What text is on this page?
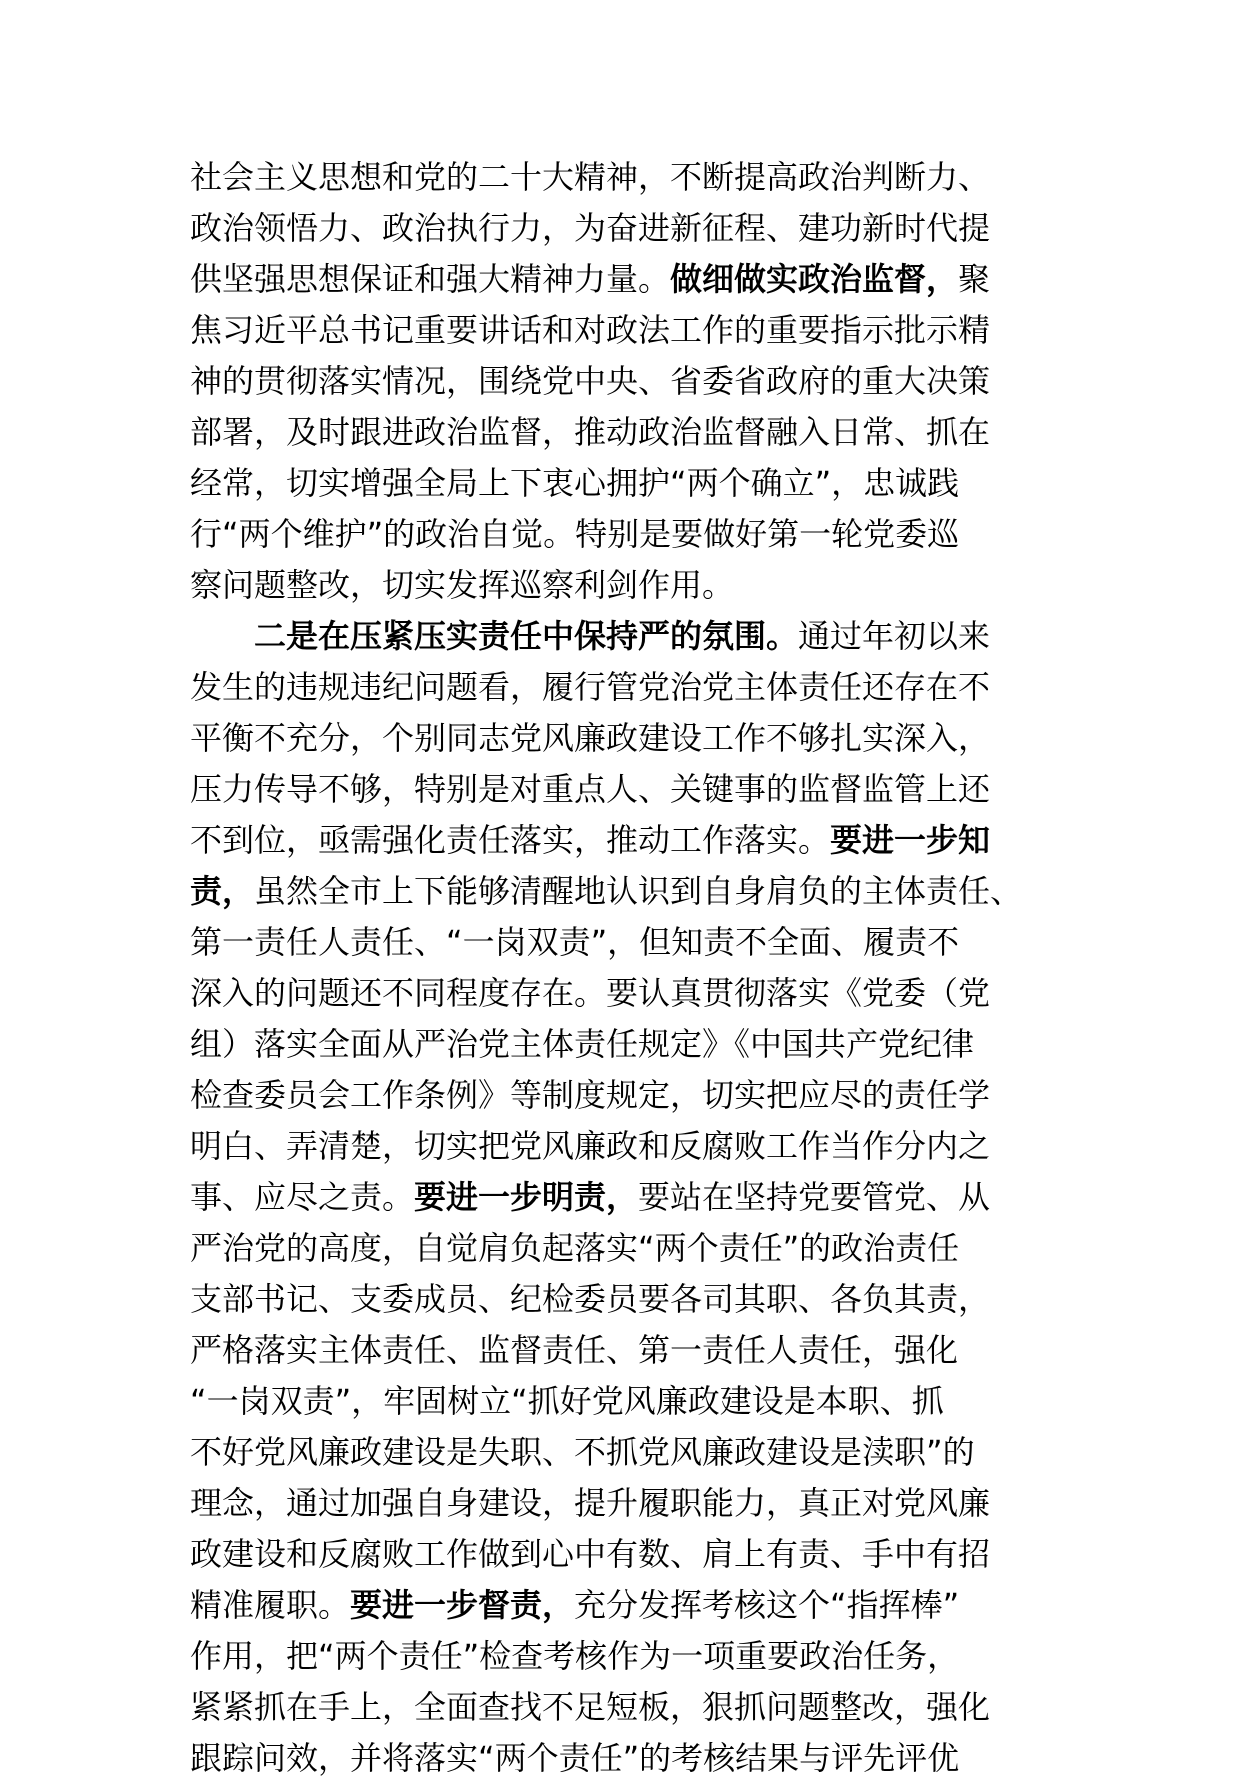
社会主义思想和党的二十大精神，不断提高政治判断力、
政治领悟力、政治执行力，为奋进新征程、建功新时代提
供坚强思想保证和强大精神力量。做细做实政治监督，聚
焦习近平总书记重要讲话和对政法工作的重要指示批示精
神的贯彻落实情况，围绕党中央、省委省政府的重大决策
部署，及时跟进政治监督，推动政治监督融入日常、抓在
经常，切实增强全局上下衷心拥护“两个确立”，忠诚践
行“两个维护”的政治自觉。特别是要做好第一轮党委巡
察问题整改，切实发挥巡察利剑作用。
二是在压紧压实责任中保持严的氛围。通过年初以来
发生的违规违纪问题看，履行管党治党主体责任还存在不
平衡不充分，个别同志党风廉政建设工作不够扎实深入，
压力传导不够，特别是对重点人、关键事的监督监管上还
不到位，亟需强化责任落实，推动工作落实。要进一步知
责，虽然全市上下能够清醒地认识到自身肩负的主体责任、
第一责任人责任、“一岗双责”，但知责不全面、履责不
深入的问题还不同程度存在。要认真贯彻落实《党委（党
组）落实全面从严治党主体责任规定》《中国共产党纪律
检查委员会工作条例》等制度规定，切实把应尽的责任学
明白、弄清楚，切实把党风廉政和反腐败工作当作分内之
事、应尽之责。要进一步明责，要站在坚持党要管党、从
严治党的高度，自觉肩负起落实“两个责任”的政治责任
支部书记、支委成员、纪检委员要各司其职、各负其责，
严格落实主体责任、监督责任、第一责任人责任，强化
“一岗双责”，牢固树立“抓好党风廉政建设是本职、抓
不好党风廉政建设是失职、不抓党风廉政建设是渎职”的
理念，通过加强自身建设，提升履职能力，真正对党风廉
政建设和反腐败工作做到心中有数、肩上有责、手中有招
精准履职。要进一步督责，充分发挥考核这个“指挥棒”
作用，把“两个责任”检查考核作为一项重要政治任务，
紧紧抓在手上，全面查找不足短板，狠抓问题整改，强化
跟踪问效，并将落实“两个责任”的考核结果与评先评优
